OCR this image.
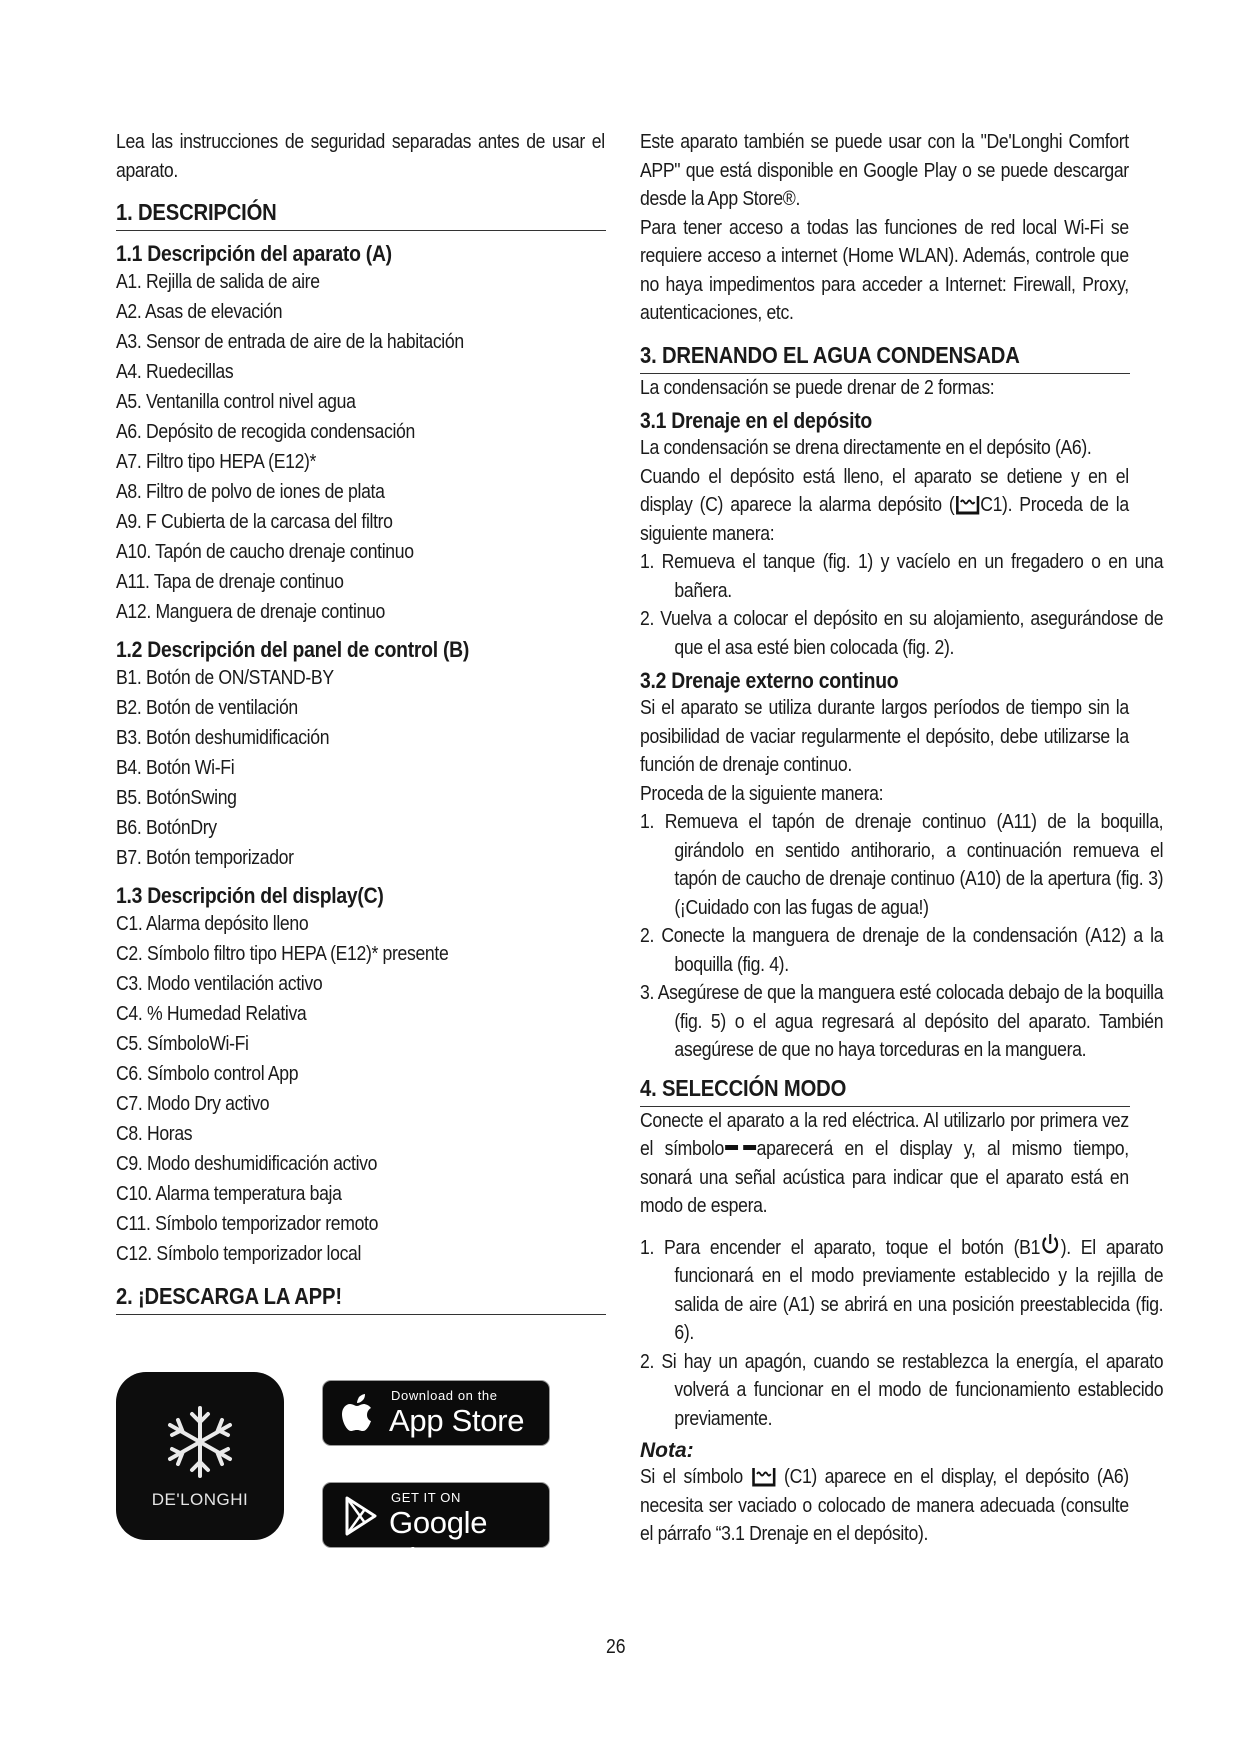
Lea las instrucciones de seguridad separadas antes de usar el aparato.

1. DESCRIPCIÓN
1.1 Descripción del aparato (A)
A1. Rejilla de salida de aire
A2. Asas de elevación
A3. Sensor de entrada de aire de la habitación
A4. Ruedecillas
A5. Ventanilla control nivel agua
A6. Depósito de recogida condensación
A7. Filtro tipo HEPA (E12)*
A8. Filtro de polvo de iones de plata
A9. F Cubierta de la carcasa del filtro
A10. Tapón de caucho drenaje continuo
A11. Tapa de drenaje continuo
A12. Manguera de drenaje continuo
1.2 Descripción del panel de control (B)
B1. Botón de ON/STAND-BY
B2. Botón de ventilación
B3. Botón deshumidificación
B4. Botón Wi-Fi
B5. BotónSwing
B6. BotónDry
B7. Botón temporizador
1.3 Descripción del display(C)
C1. Alarma depósito lleno
C2. Símbolo filtro tipo HEPA (E12)* presente
C3. Modo ventilación activo
C4. % Humedad Relativa
C5. SímboloWi-Fi
C6. Símbolo control App
C7. Modo Dry activo
C8. Horas
C9. Modo deshumidificación activo
C10. Alarma temperatura baja
C11. Símbolo temporizador remoto
C12. Símbolo temporizador local
2. ¡DESCARGA LA APP!
DE'LONGHI
Download on the
App Store
GET IT ON
Google Play

Este aparato también se puede usar con la "De'Longhi Comfort APP" que está disponible en Google Play o se puede descargar desde la App Store®.

Para tener acceso a todas las funciones de red local Wi-Fi se requiere acceso a internet (Home WLAN). Además, controle que no haya impedimentos para acceder a Internet: Firewall, Proxy, autenticaciones, etc.

3. DRENANDO EL AGUA CONDENSADA

La condensación se puede drenar de 2 formas:

3.1 Drenaje en el depósito

La condensación se drena directamente en el depósito (A6).

Cuando el depósito está lleno, el aparato se detiene y en el display (C) aparece la alarma depósito ( C1). Proceda de la siguiente manera:

1. Remueva el tanque (fig. 1) y vacíelo en un fregadero o en una bañera.

2. Vuelva a colocar el depósito en su alojamiento, asegurándose de que el asa esté bien colocada (fig. 2).

3.2 Drenaje externo continuo

Si el aparato se utiliza durante largos períodos de tiempo sin la posibilidad de vaciar regularmente el depósito, debe utilizarse la función de drenaje continuo.

Proceda de la siguiente manera:

1. Remueva el tapón de drenaje continuo (A11) de la boquilla, girándolo en sentido antihorario, a continuación remueva el tapón de caucho de drenaje continuo (A10) de la apertura (fig. 3) (¡Cuidado con las fugas de agua!)

2. Conecte la manguera de drenaje de la condensación (A12) a la boquilla (fig. 4).

3. Asegúrese de que la manguera esté colocada debajo de la boquilla (fig. 5) o el agua regresará al depósito del aparato. También asegúrese de que no haya torceduras en la manguera.

4. SELECCIÓN MODO

Conecte el aparato a la red eléctrica. Al utilizarlo por primera vez el símbolo aparecerá en el display y, al mismo tiempo, sonará una señal acústica para indicar que el aparato está en modo de espera.

1. Para encender el aparato, toque el botón (B1 ). El aparato funcionará en el modo previamente establecido y la rejilla de salida de aire (A1) se abrirá en una posición preestablecida (fig. 6).

2. Si hay un apagón, cuando se restablezca la energía, el aparato volverá a funcionar en el modo de funcionamiento establecido previamente.

Nota:

Si el símbolo (C1) aparece en el display, el depósito (A6) necesita ser vaciado o colocado de manera adecuada (consulte el párrafo “3.1 Drenaje en el depósito).

26
